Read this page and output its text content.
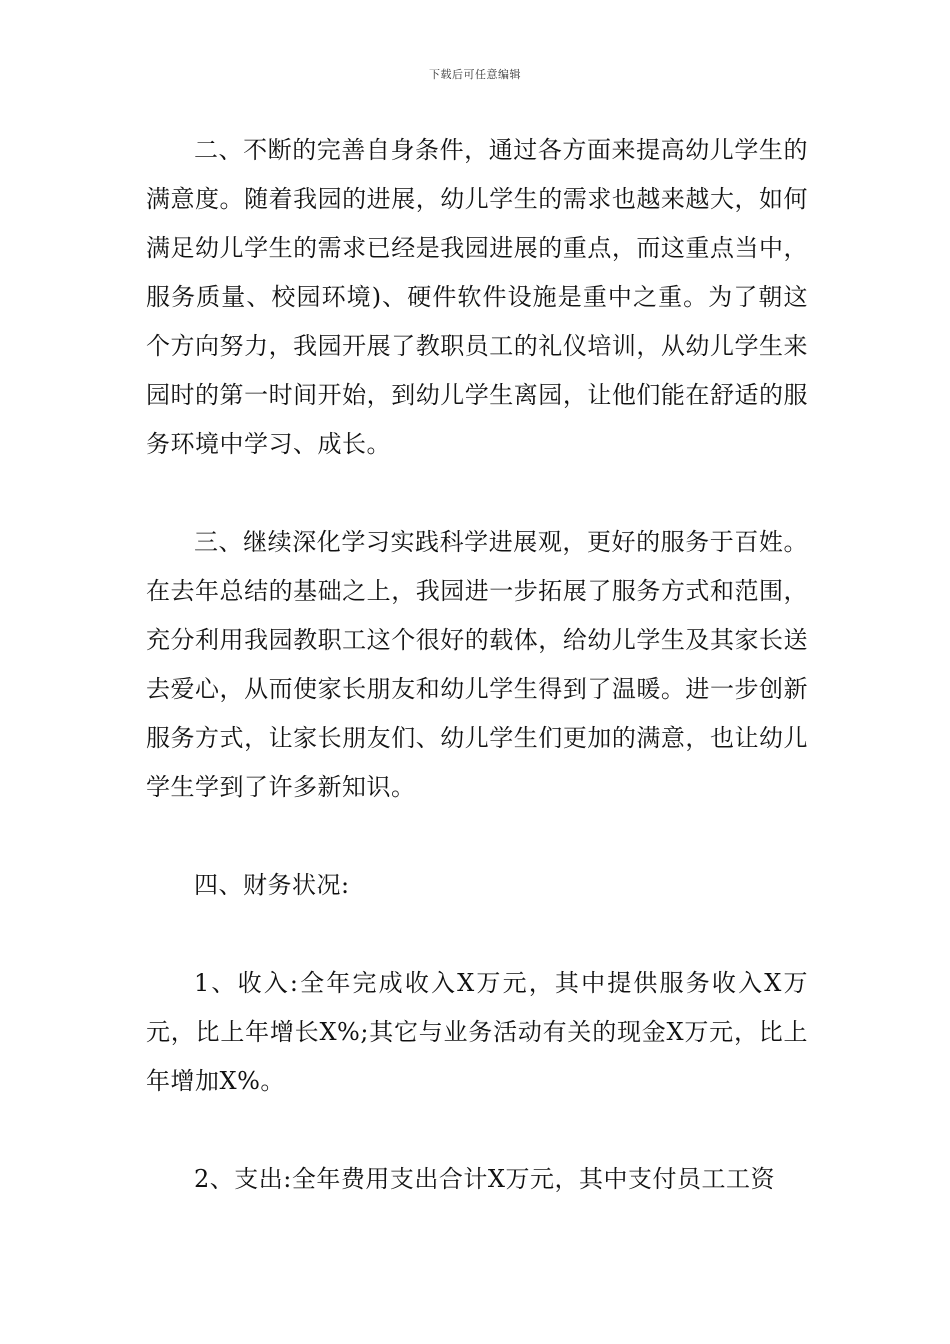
下载后可任意编辑

二、不断的完善自身条件，通过各方面来提高幼儿学生的满意度。随着我园的进展，幼儿学生的需求也越来越大，如何满足幼儿学生的需求已经是我园进展的重点，而这重点当中，服务质量、校园环境)、硬件软件设施是重中之重。为了朝这个方向努力，我园开展了教职员工的礼仪培训，从幼儿学生来园时的第一时间开始，到幼儿学生离园，让他们能在舒适的服务环境中学习、成长。

三、继续深化学习实践科学进展观，更好的服务于百姓。在去年总结的基础之上，我园进一步拓展了服务方式和范围，充分利用我园教职工这个很好的载体，给幼儿学生及其家长送去爱心，从而使家长朋友和幼儿学生得到了温暖。进一步创新服务方式，让家长朋友们、幼儿学生们更加的满意，也让幼儿学生学到了许多新知识。

四、财务状况:

1、收入:全年完成收入X万元，其中提供服务收入X万元，比上年增长X%;其它与业务活动有关的现金X万元，比上年增加X%。

2、支出:全年费用支出合计X万元，其中支付员工工资
